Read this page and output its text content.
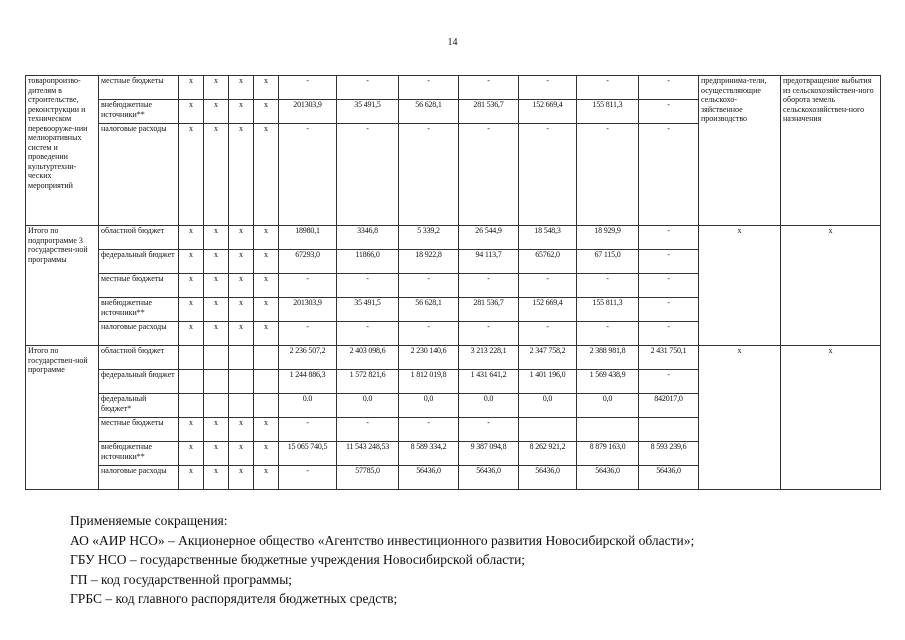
14
товаропроизво-дителям в строительстве, реконструкции и техническом перевооруже-нии мелиоративных систем и проведении культуртехни-ческих мероприятий	местные бюджеты	x	x	x	x	-	-	-	-	-	-	-	предпринима-тели, осуществляющие сельскохо-зяйственное производство	предотвращение выбытия из сельскохозяйствен-ного оборота земель сельскохозяйствен-ного назначения
	внебюджетные источники**	x	x	x	x	201303,9	35 491,5	56 628,1	281 536,7	152 669,4	155 811,3	-		
	налоговые расходы	x	x	x	x	-	-	-	-	-	-	-		
Итого по подпрограмме 3 государствен-ной программы	областной бюджет	x	x	x	x	18980,1	3346,8	5 339,2	26 544,9	18 548,3	18 929,9	-	x	x
	федеральный бюджет	x	x	x	x	67293,0	11866,0	18 922,8	94 113,7	65762,0	67 115,0	-		
	местные бюджеты	x	x	x	x	-	-	-	-	-	-	-		
	внебюджетные источники**	x	x	x	x	201303,9	35 491,5	56 628,1	281 536,7	152 669,4	155 811,3	-		
	налоговые расходы	x	x	x	x	-	-	-	-	-	-	-		
Итого по государствен-ной программе	областной бюджет					2 236 507,2	2 403 098,6	2 230 140,6	3 213 228,1	2 347 758,2	2 388 981,8	2 431 750,1	x	x
	федеральный бюджет					1 244 886,3	1 572 821,6	1 812 019,8	1 431 641,2	1 401 196,0	1 569 438,9	-		
	федеральный бюджет*					0.0	0.0	0,0	0.0	0,0	0,0	842017,0		
	местные бюджеты	x	x	x	x	-	-	-	-					
	внебюджетные источники**	x	x	x	x	15 065 740,5	11 543 248,53	8 589 334,2	9 387 094,8	8 262 921,2	8 879 163,0	8 593 239,6		
	налоговые расходы	x	x	x	x	-	57785,0	56436,0	56436,0	56436,0	56436,0	56436,0		
Применяемые сокращения:
АО «АИР НСО» – Акционерное общество «Агентство инвестиционного развития Новосибирской области»;
ГБУ НСО – государственные бюджетные учреждения Новосибирской области;
ГП – код государственной программы;
ГРБС – код главного распорядителя бюджетных средств;
